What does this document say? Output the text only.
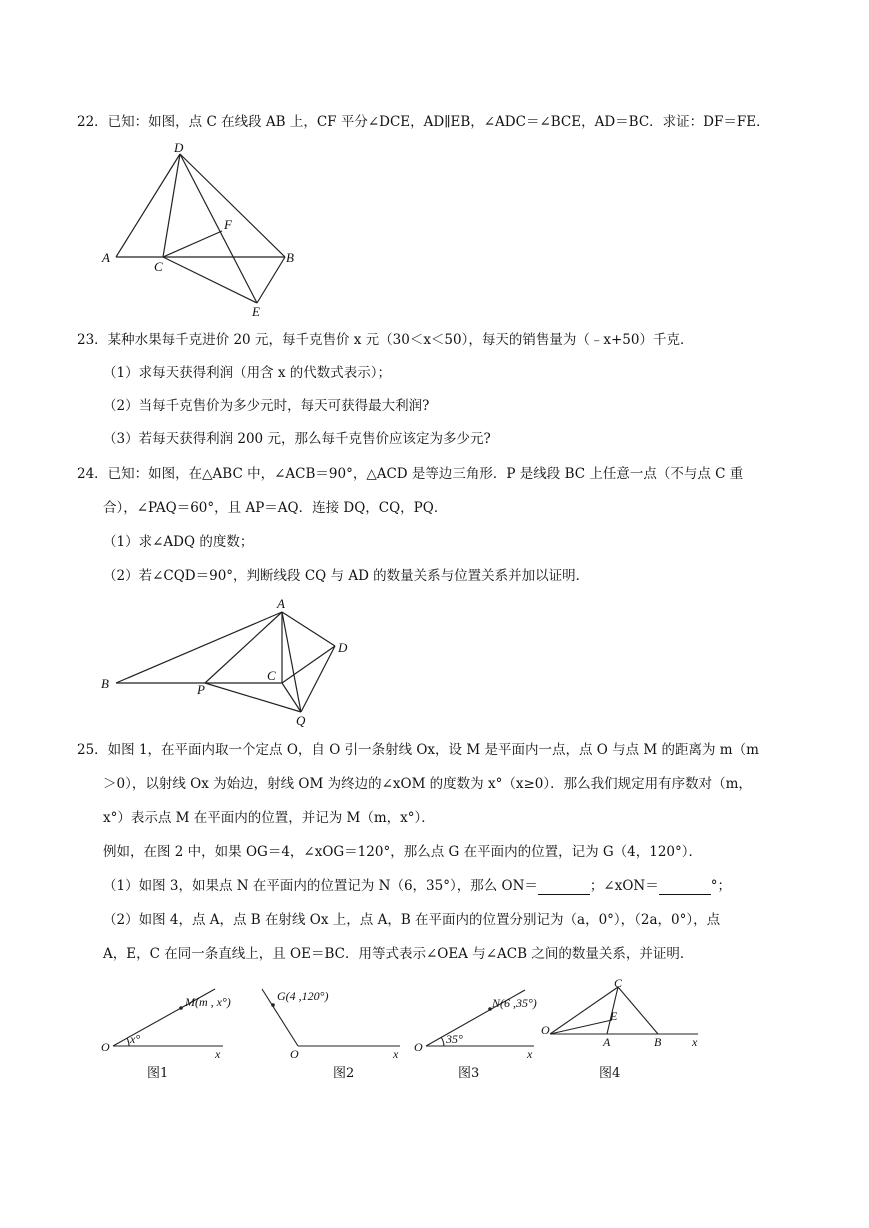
22．已知：如图，点 C 在线段 AB 上，CF 平分∠DCE，AD∥EB，∠ADC＝∠BCE，AD＝BC．求证：DF＝FE．
D
A
C
F
B
E
23．某种水果每千克进价 20 元，每千克售价 x 元（30＜x＜50），每天的销售量为（﹣x+50）千克．
（1）求每天获得利润（用含 x 的代数式表示）；
（2）当每千克售价为多少元时，每天可获得最大利润?
（3）若每天获得利润 200 元，那么每千克售价应该定为多少元?
24．已知：如图，在△ABC 中，∠ACB＝90°，△ACD 是等边三角形．P 是线段 BC 上任意一点（不与点 C 重
合），∠PAQ＝60°，且 AP＝AQ．连接 DQ，CQ，PQ．
（1）求∠ADQ 的度数；
（2）若∠CQD＝90°，判断线段 CQ 与 AD 的数量关系与位置关系并加以证明．
A
B	P
C
D
Q
25．如图 1，在平面内取一个定点 O，自 O 引一条射线 Ox，设 M 是平面内一点，点 O 与点 M 的距离为 m（m
＞0），以射线 Ox 为始边，射线 OM 为终边的∠xOM 的度数为 x°（x≥0）．那么我们规定用有序数对（m，
x°）表示点 M 在平面内的位置，并记为 M（m，x°）．
例如，在图 2 中，如果 OG＝4，∠xOG＝120°，那么点 G 在平面内的位置，记为 G（4，120°）．
（1）如图 3，如果点 N 在平面内的位置记为 N（6，35°），那么 ON＝	；∠xON＝	°；
（2）如图 4，点 A，点 B 在射线 Ox 上，点 A，B 在平面内的位置分别记为（a，0°），（2a，0°），点
A，E，C 在同一条直线上，且 OE＝BC．用等式表示∠OEA 与∠ACB 之间的数量关系，并证明．
M(m , x°)
O	x
x°
图1
G(4 ,120°)
O	x
图2
N(6 ,35°)
O	x
35°
图3
C
E
O
A	B	x
图4
